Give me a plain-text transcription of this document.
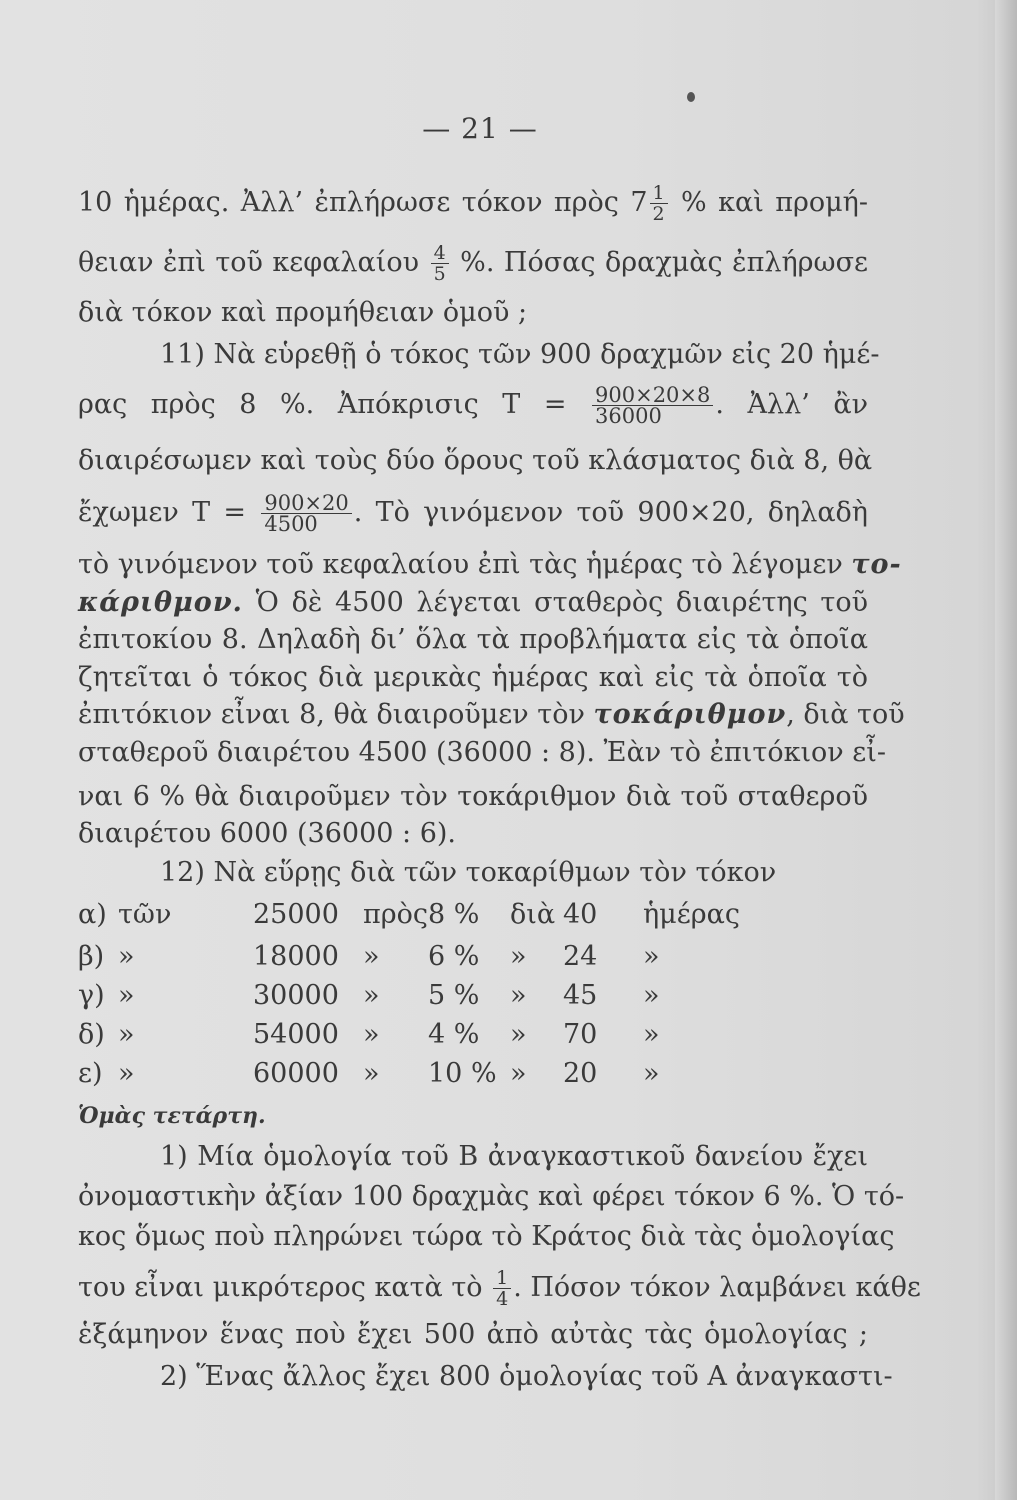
— 21 —
10 ἡμέρας. Ἀλλ’ ἐπλήρωσε τόκον πρὸς $7 \frac{1}{2}$ % καὶ προμή-
θειαν ἐπὶ τοῦ κεφαλαίου $\frac{4}{5}$ %. Πόσας δραχμὰς ἐπλήρωσε
διὰ τόκον καὶ προμήθειαν ὁμοῦ ;
11) Νὰ εὑρεθῇ ὁ τόκος τῶν 900 δραχμῶν εἰς 20 ἡμέ-
ρας πρὸς 8 %. Ἀπόκρισις $T = \frac{900\times 20\times 8}{36000}$ . Ἀλλ’ ἂν
διαιρέσωμεν καὶ τοὺς δύο ὅρους τοῦ κλάσματος διὰ 8, θὰ
ἔχωμεν $T = \frac{900\times 20}{4500}$ . Τὸ γινόμενον τοῦ 900×20, δηλαδὴ
τὸ γινόμενον τοῦ κεφαλαίου ἐπὶ τὰς ἡμέρας τὸ λέγομεν το-
κάριθμον. Ὁ δὲ 4500 λέγεται σταθερὸς διαιρέτης τοῦ
ἐπιτοκίου 8. Δηλαδὴ δι’ ὅλα τὰ προβλήματα εἰς τὰ ὁποῖα
ζητεῖται ὁ τόκος διὰ μερικὰς ἡμέρας καὶ εἰς τὰ ὁποῖα τὸ
ἐπιτόκιον εἶναι 8, θὰ διαιροῦμεν τὸν τοκάριθμον, διὰ τοῦ
σταθεροῦ διαιρέτου 4500 (36000 : 8). Ἐὰν τὸ ἐπιτόκιον εἶ-
ναι 6 % θὰ διαιροῦμεν τὸν τοκάριθμον διὰ τοῦ σταθεροῦ
διαιρέτου 6000 (36000 : 6).
12) Νὰ εὕρῃς διὰ τῶν τοκαρίθμων τὸν τόκον
α) τῶν	25000 πρὸς 8 % διὰ 40 ἡμέρας
β) »	18000 » 6 % » 24 »
γ) »	30000 » 5 % » 45 »
δ) »	54000 » 4 % » 70 »
ε) »	60000 » 10 % » 20 »
Ὁμὰς τετάρτη.
1) Μία ὁμολογία τοῦ Β ἀναγκαστικοῦ δανείου ἔχει
ὀνομαστικὴν ἀξίαν 100 δραχμὰς καὶ φέρει τόκον 6 %. Ὁ τό-
κος ὅμως ποὺ πληρώνει τώρα τὸ Κράτος διὰ τὰς ὁμολογίας
του εἶναι μικρότερος κατὰ τὸ $\frac{1}{4}$ . Πόσον τόκον λαμβάνει κάθε
ἑξάμηνον ἕνας ποὺ ἔχει 500 ἀπὸ αὐτὰς τὰς ὁμολογίας ;
2) Ἕνας ἄλλος ἔχει 800 ὁμολογίας τοῦ Α ἀναγκαστι-
